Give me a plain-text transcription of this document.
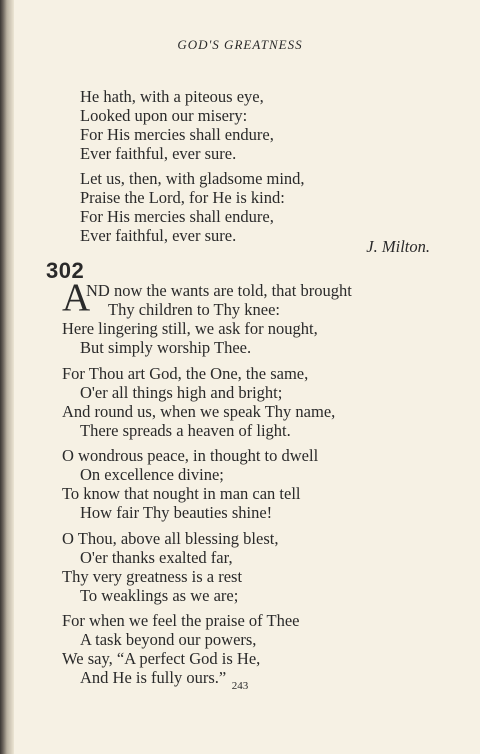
GOD'S GREATNESS
He hath, with a piteous eye,
Looked upon our misery:
For His mercies shall endure,
Ever faithful, ever sure.
Let us, then, with gladsome mind,
Praise the Lord, for He is kind:
For His mercies shall endure,
Ever faithful, ever sure.
J. Milton.
302
A
ND now the wants are told, that brought
Thy children to Thy knee:
Here lingering still, we ask for nought,
But simply worship Thee.
For Thou art God, the One, the same,
O'er all things high and bright;
And round us, when we speak Thy name,
There spreads a heaven of light.
O wondrous peace, in thought to dwell
On excellence divine;
To know that nought in man can tell
How fair Thy beauties shine!
O Thou, above all blessing blest,
O'er thanks exalted far,
Thy very greatness is a rest
To weaklings as we are;
For when we feel the praise of Thee
A task beyond our powers,
We say, “A perfect God is He,
And He is fully ours.” 243
